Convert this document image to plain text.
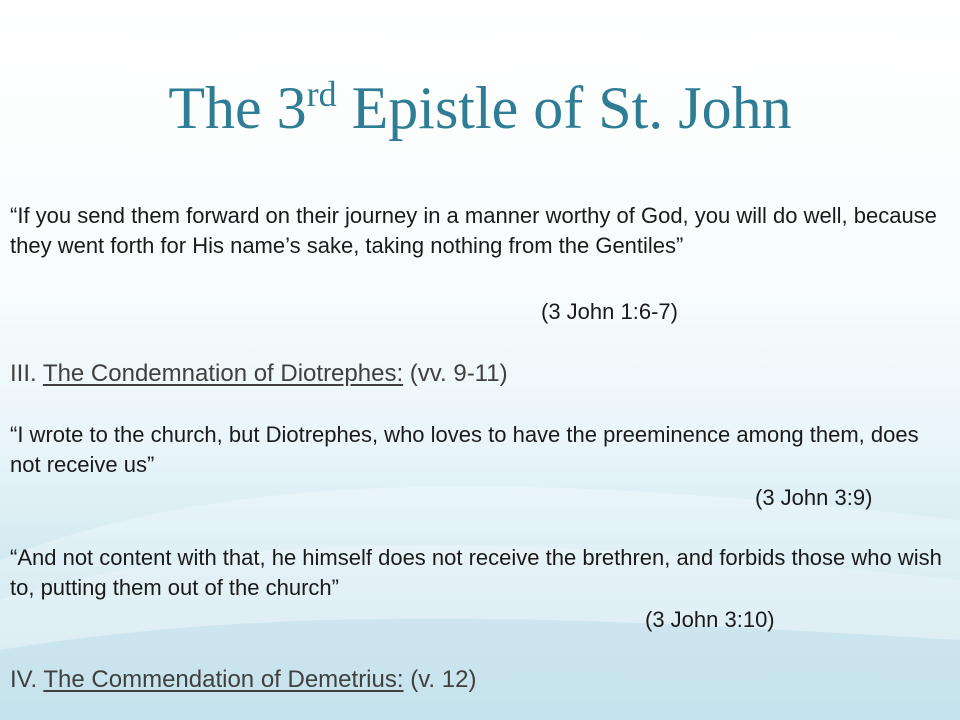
The 3rd Epistle of St. John
“If you send them forward on their journey in a manner worthy of God, you will do well, because they went forth for His name’s sake, taking nothing from the Gentiles”
(3 John 1:6-7)
III. The Condemnation of Diotrephes: (vv. 9-11)
“I wrote to the church, but Diotrephes, who loves to have the preeminence among them, does not receive us”
(3 John 3:9)
“And not content with that, he himself does not receive the brethren, and forbids those who wish to, putting them out of the church”
(3 John 3:10)
IV. The Commendation of Demetrius: (v. 12)
